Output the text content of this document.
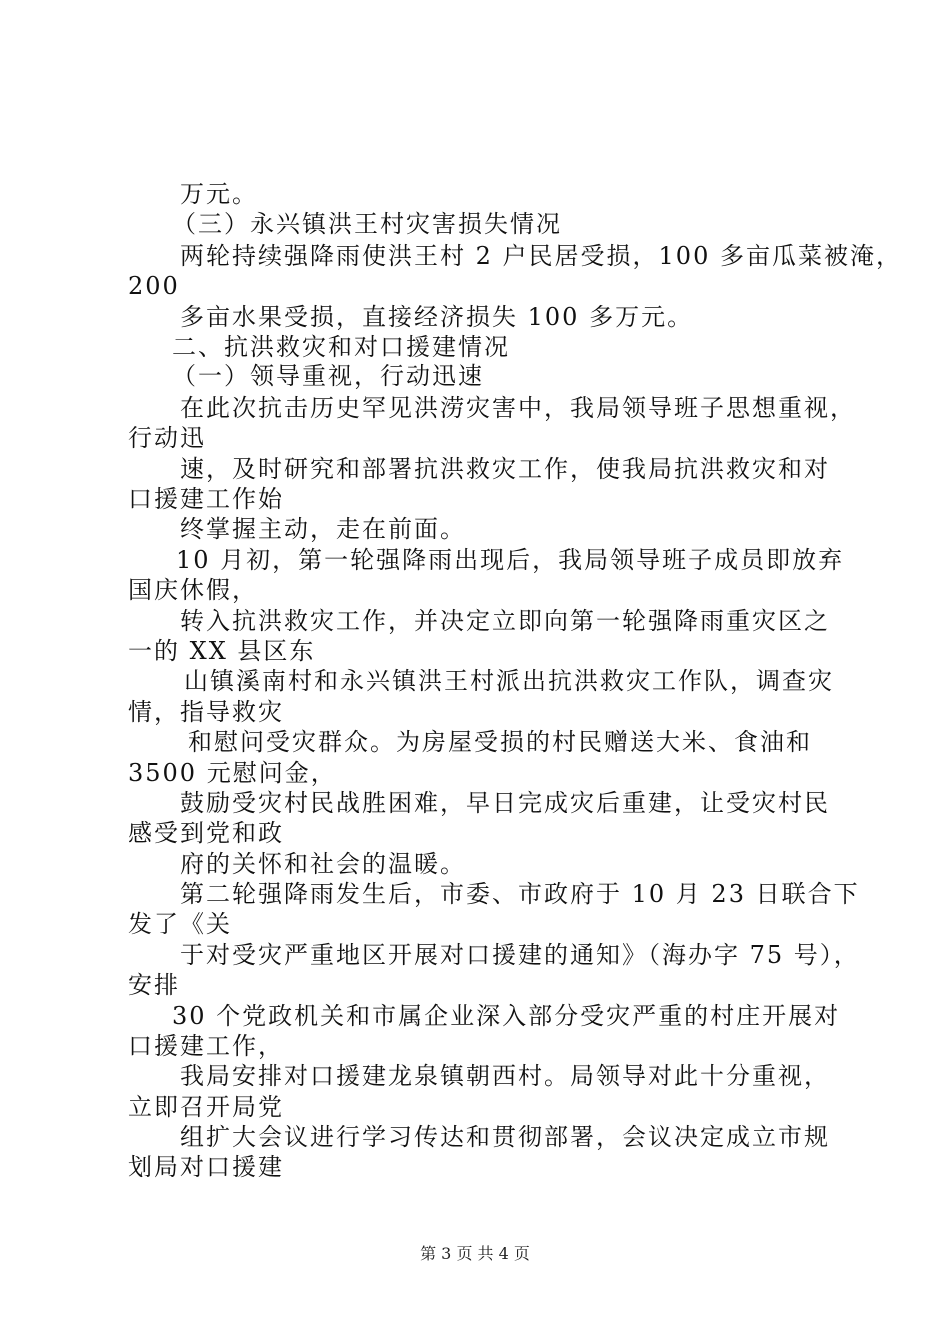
万元。
（三）永兴镇洪王村灾害损失情况
两轮持续强降雨使洪王村 2 户民居受损，100 多亩瓜菜被淹，
200
多亩水果受损，直接经济损失 100 多万元。
二、抗洪救灾和对口援建情况
（一）领导重视，行动迅速
在此次抗击历史罕见洪涝灾害中，我局领导班子思想重视，
行动迅
速，及时研究和部署抗洪救灾工作，使我局抗洪救灾和对
口援建工作始
终掌握主动，走在前面。
10 月初，第一轮强降雨出现后，我局领导班子成员即放弃
国庆休假，
转入抗洪救灾工作，并决定立即向第一轮强降雨重灾区之
一的 XX 县区东
山镇溪南村和永兴镇洪王村派出抗洪救灾工作队，调查灾
情，指导救灾
和慰问受灾群众。为房屋受损的村民赠送大米、食油和
3500 元慰问金，
鼓励受灾村民战胜困难，早日完成灾后重建，让受灾村民
感受到党和政
府的关怀和社会的温暖。
第二轮强降雨发生后，市委、市政府于 10 月 23 日联合下
发了《关
于对受灾严重地区开展对口援建的通知》（海办字 75 号），
安排
30 个党政机关和市属企业深入部分受灾严重的村庄开展对
口援建工作，
我局安排对口援建龙泉镇朝西村。局领导对此十分重视，
立即召开局党
组扩大会议进行学习传达和贯彻部署，会议决定成立市规
划局对口援建
第 3 页 共 4 页
